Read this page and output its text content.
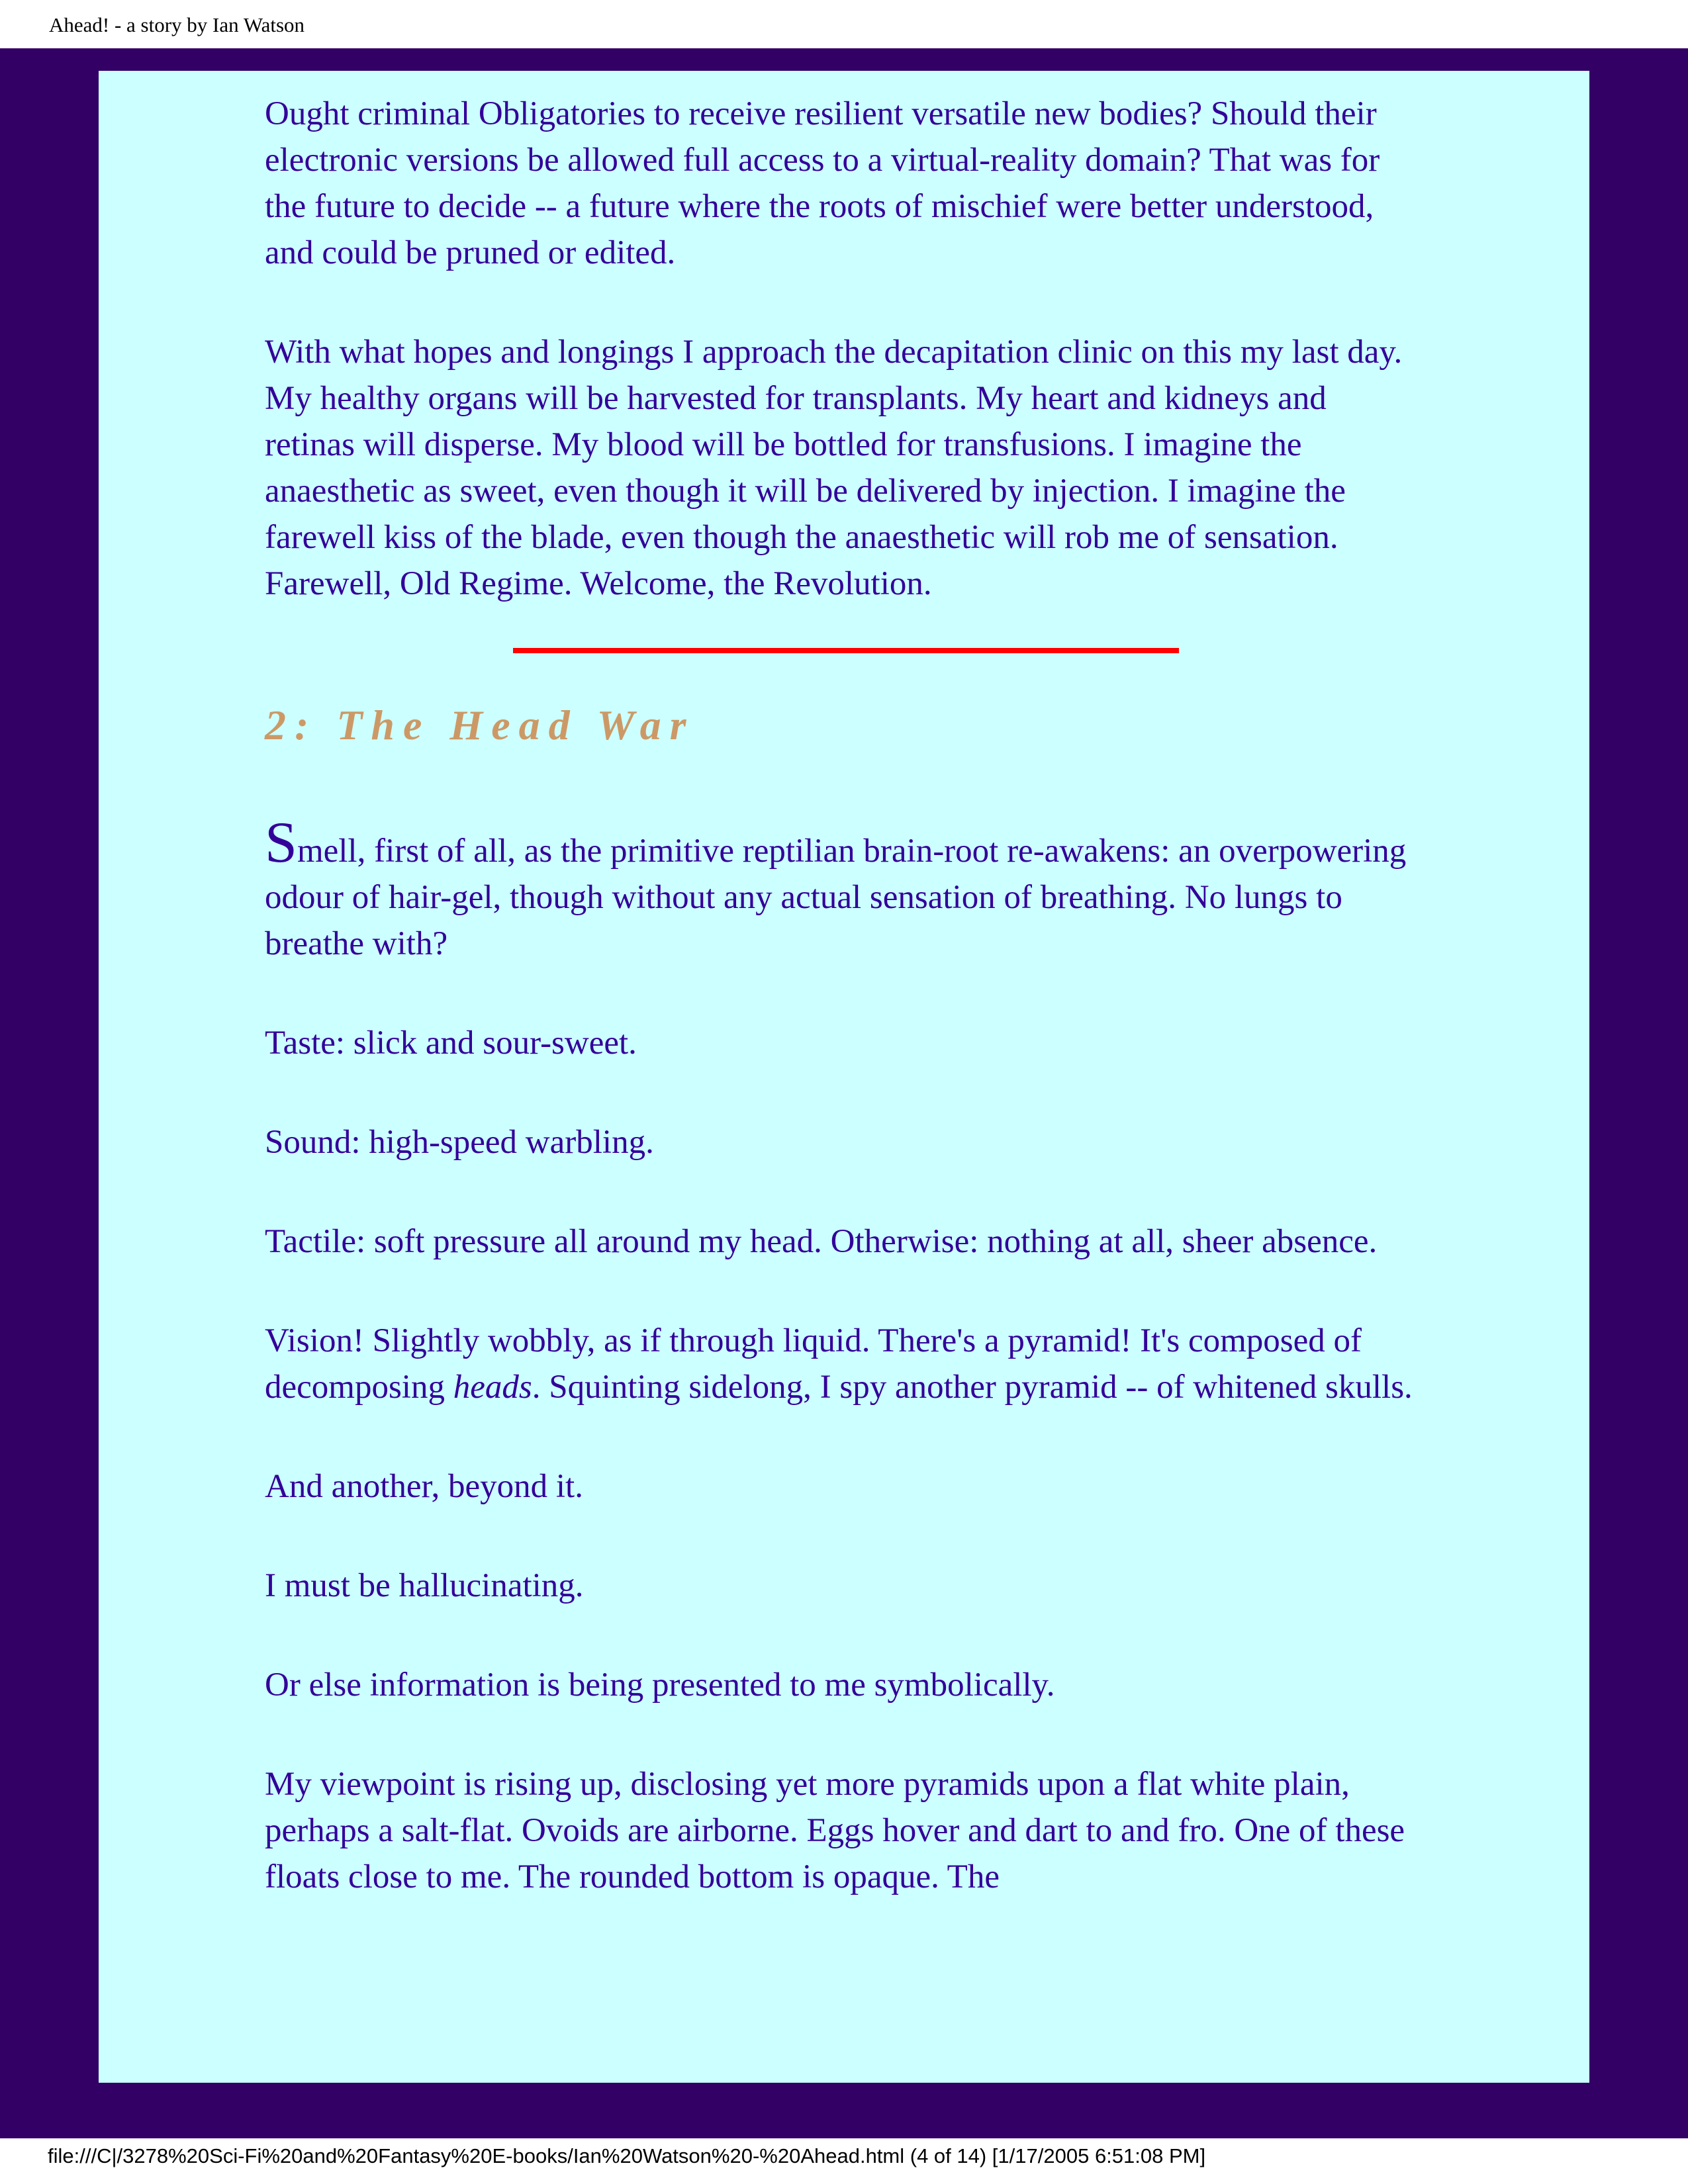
Ahead! - a story by Ian Watson

Ought criminal Obligatories to receive resilient versatile new bodies? Should their electronic versions be allowed full access to a virtual-reality domain? That was for the future to decide -- a future where the roots of mischief were better understood, and could be pruned or edited.

With what hopes and longings I approach the decapitation clinic on this my last day. My healthy organs will be harvested for transplants. My heart and kidneys and retinas will disperse. My blood will be bottled for transfusions. I imagine the anaesthetic as sweet, even though it will be delivered by injection. I imagine the farewell kiss of the blade, even though the anaesthetic will rob me of sensation. Farewell, Old Regime. Welcome, the Revolution.

2: The Head War

Smell, first of all, as the primitive reptilian brain-root re-awakens: an overpowering odour of hair-gel, though without any actual sensation of breathing. No lungs to breathe with?

Taste: slick and sour-sweet.

Sound: high-speed warbling.

Tactile: soft pressure all around my head. Otherwise: nothing at all, sheer absence.

Vision! Slightly wobbly, as if through liquid. There's a pyramid! It's composed of decomposing heads. Squinting sidelong, I spy another pyramid -- of whitened skulls.

And another, beyond it.

I must be hallucinating.

Or else information is being presented to me symbolically.

My viewpoint is rising up, disclosing yet more pyramids upon a flat white plain, perhaps a salt-flat. Ovoids are airborne. Eggs hover and dart to and fro. One of these floats close to me. The rounded bottom is opaque. The

file:///C|/3278%20Sci-Fi%20and%20Fantasy%20E-books/Ian%20Watson%20-%20Ahead.html (4 of 14) [1/17/2005 6:51:08 PM]
